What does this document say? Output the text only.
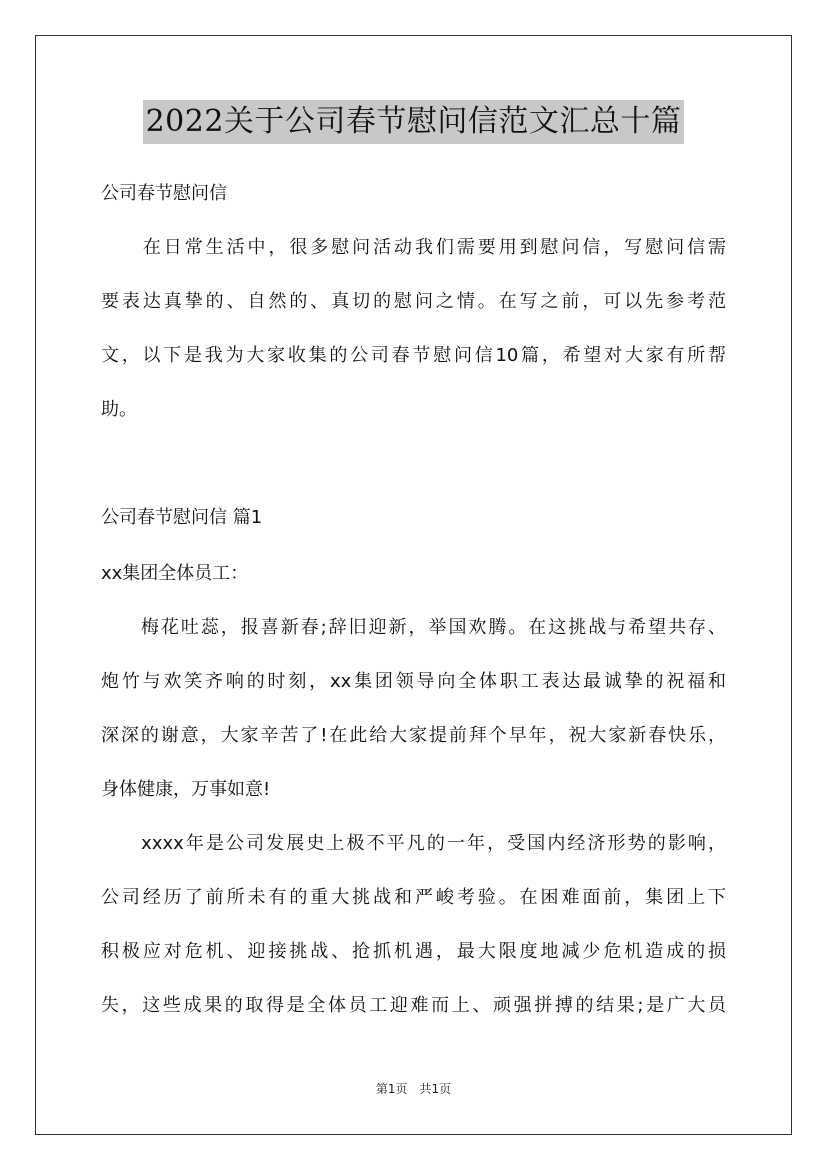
2022关于公司春节慰问信范文汇总十篇
公司春节慰问信
　　在日常生活中，很多慰问活动我们需要用到慰问信，写慰问信需
要表达真挚的、自然的、真切的慰问之情。在写之前，可以先参考范
文，以下是我为大家收集的公司春节慰问信10篇，希望对大家有所帮
助。
公司春节慰问信 篇1
xx集团全体员工：
　　梅花吐蕊，报喜新春;辞旧迎新，举国欢腾。在这挑战与希望共存、
炮竹与欢笑齐响的时刻，xx集团领导向全体职工表达最诚挚的祝福和
深深的谢意，大家辛苦了!在此给大家提前拜个早年，祝大家新春快乐，
身体健康，万事如意!
　　xxxx年是公司发展史上极不平凡的一年，受国内经济形势的影响，
公司经历了前所未有的重大挑战和严峻考验。在困难面前，集团上下
积极应对危机、迎接挑战、抢抓机遇，最大限度地减少危机造成的损
失，这些成果的取得是全体员工迎难而上、顽强拼搏的结果;是广大员
第1页　共1页
